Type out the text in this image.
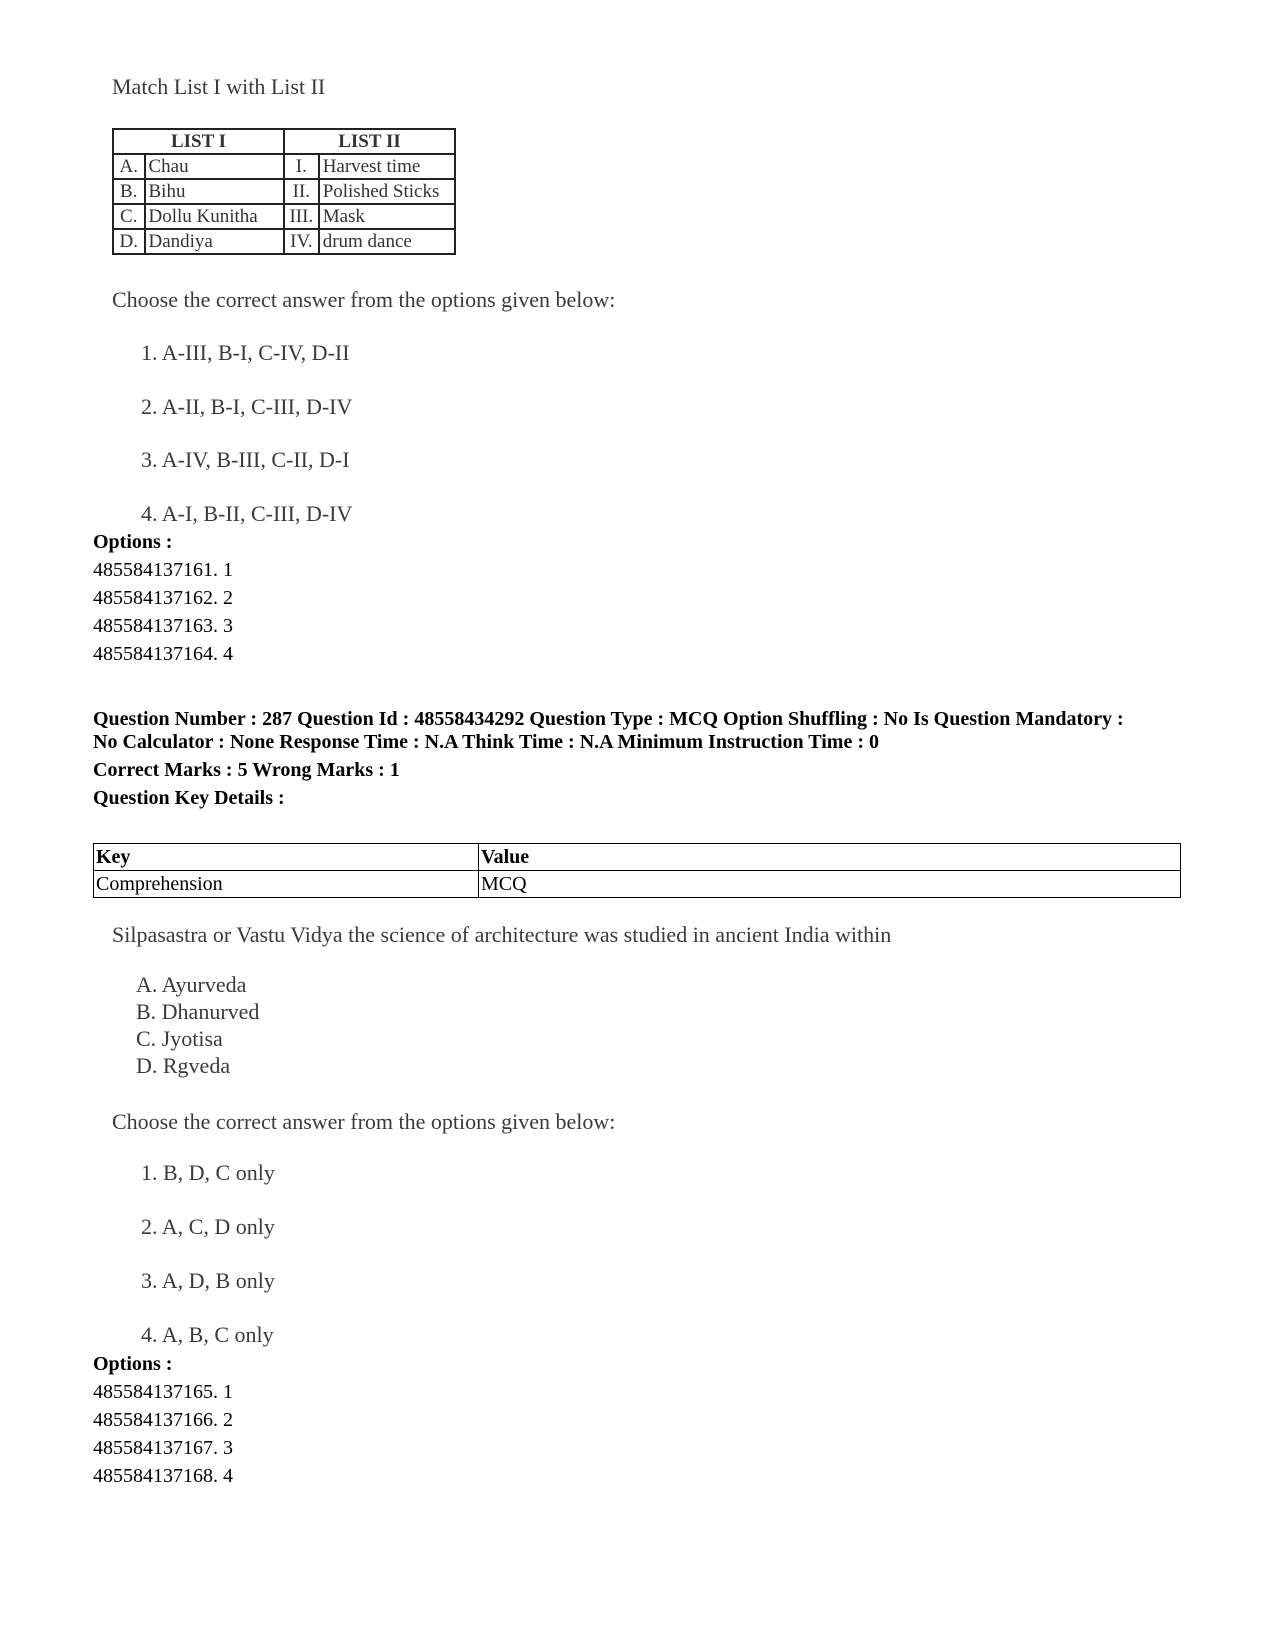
Match List I with List II
LIST I		LIST II	
A.	Chau	I.	Harvest time
B.	Bihu	II.	Polished Sticks
C.	Dollu Kunitha	III.	Mask
D.	Dandiya	IV.	drum dance
Choose the correct answer from the options given below:
1. A-III, B-I, C-IV, D-II
2. A-II, B-I, C-III, D-IV
3. A-IV, B-III, C-II, D-I
4. A-I, B-II, C-III, D-IV
Options :
485584137161. 1
485584137162. 2
485584137163. 3
485584137164. 4
Question Number : 287 Question Id : 48558434292 Question Type : MCQ Option Shuffling : No Is Question Mandatory :
No Calculator : None Response Time : N.A Think Time : N.A Minimum Instruction Time : 0
Correct Marks : 5 Wrong Marks : 1
Question Key Details :
Key	Value
Comprehension	MCQ
Silpasastra or Vastu Vidya the science of architecture was studied in ancient India within
A. Ayurveda
B. Dhanurved
C. Jyotisa
D. Rgveda
Choose the correct answer from the options given below:
1. B, D, C only
2. A, C, D only
3. A, D, B only
4. A, B, C only
Options :
485584137165. 1
485584137166. 2
485584137167. 3
485584137168. 4
